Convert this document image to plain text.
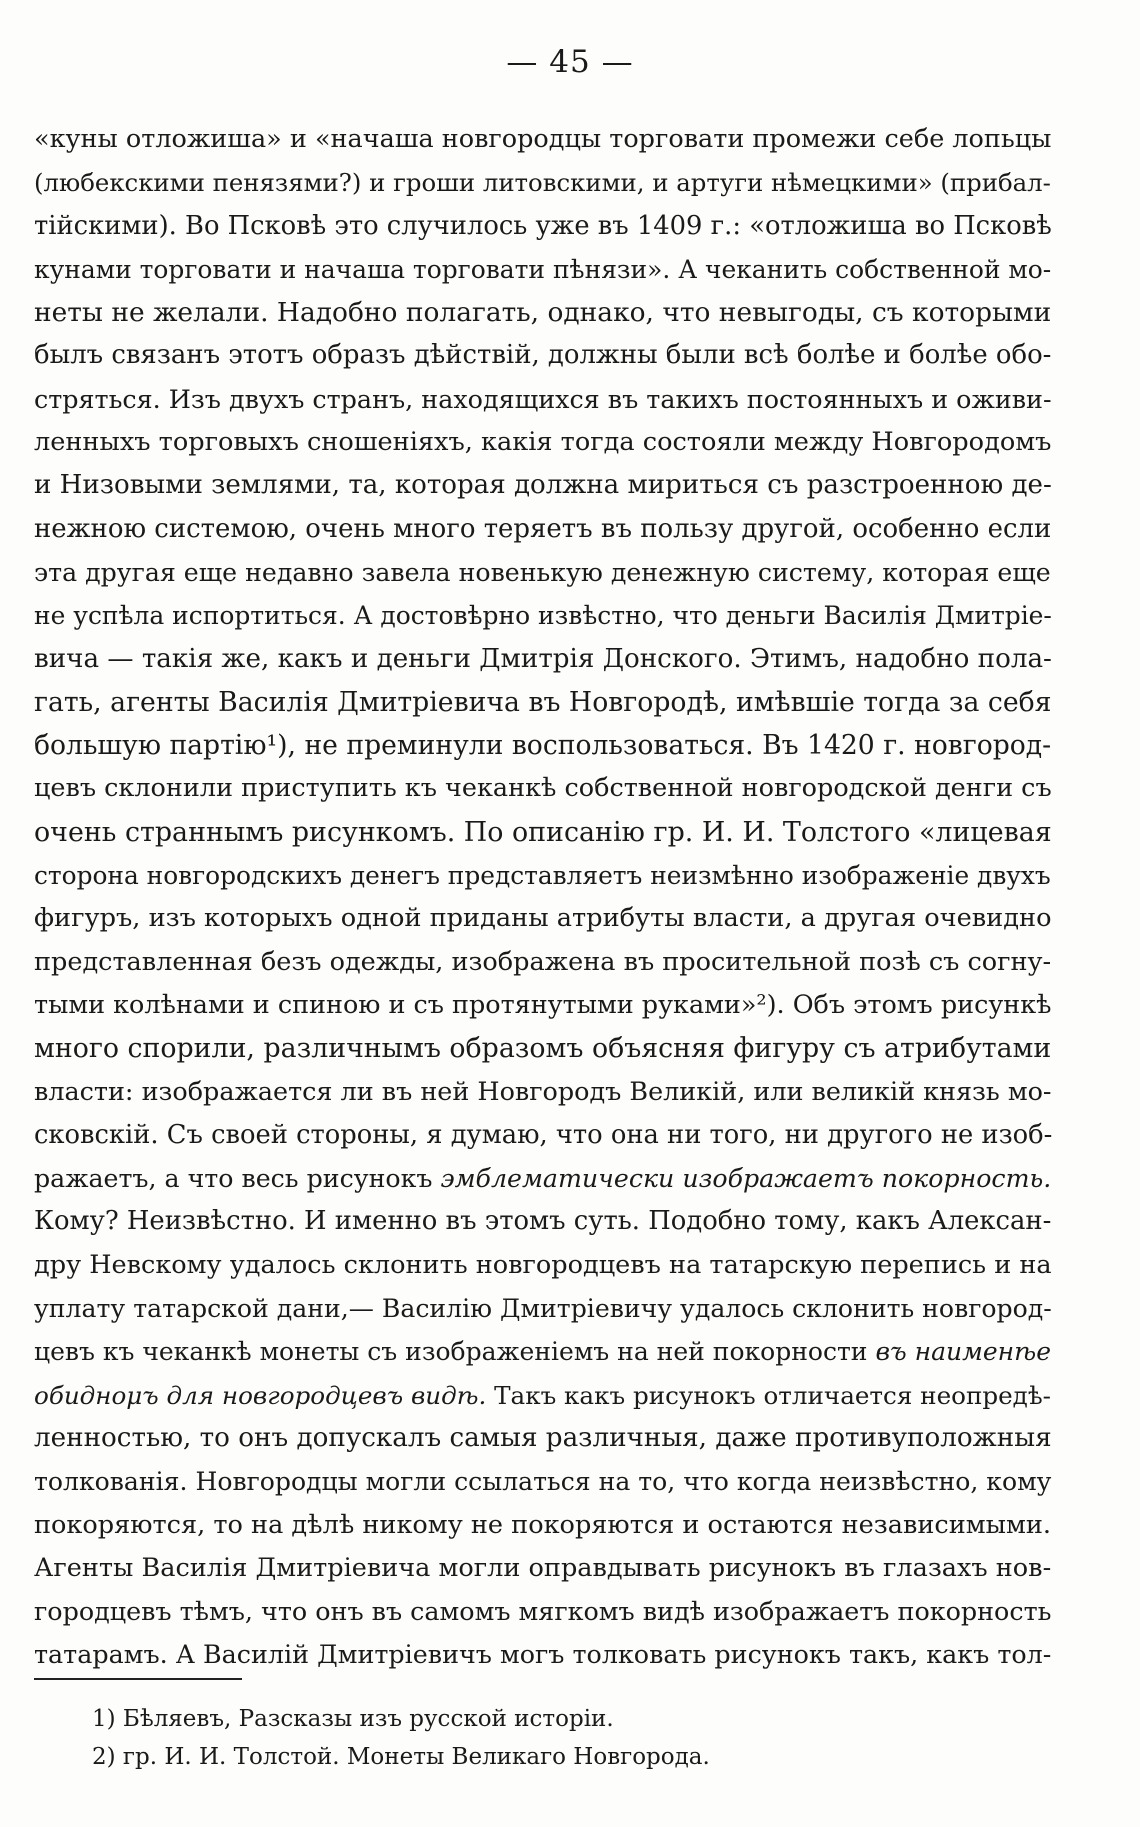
— 45 —
«куны отложиша» и «начаша новгородцы торговати промежи себе лопьцы
(любекскими пенязями?) и гроши литовскими, и артуги нѣмецкими» (прибал-
тійскими). Во Псковѣ это случилось уже въ 1409 г.: «отложиша во Псковѣ
кунами торговати и начаша торговати пѣнязи». А чеканить собственной мо-
неты не желали. Надобно полагать, однако, что невыгоды, съ которыми
былъ связанъ этотъ образъ дѣйствій, должны были всѣ болѣе и болѣе обо-
стряться. Изъ двухъ странъ, находящихся въ такихъ постоянныхъ и оживи-
ленныхъ торговыхъ сношеніяхъ, какія тогда состояли между Новгородомъ
и Низовыми землями, та, которая должна мириться съ разстроенною де-
нежною системою, очень много теряетъ въ пользу другой, особенно если
эта другая еще недавно завела новенькую денежную систему, которая еще
не успѣла испортиться. А достовѣрно извѣстно, что деньги Василія Дмитріе-
вича — такія же, какъ и деньги Дмитрія Донского. Этимъ, надобно пола-
гать, агенты Василія Дмитріевича въ Новгородѣ, имѣвшіе тогда за себя
большую партію¹), не преминули воспользоваться. Въ 1420 г. новгород-
цевъ склонили приступить къ чеканкѣ собственной новгородской денги съ
очень страннымъ рисункомъ. По описанію гр. И. И. Толстого «лицевая
сторона новгородскихъ денегъ представляетъ неизмѣнно изображеніе двухъ
фигуръ, изъ которыхъ одной приданы атрибуты власти, а другая очевидно
представленная безъ одежды, изображена въ просительной позѣ съ согну-
тыми колѣнами и спиною и съ протянутыми руками»²). Объ этомъ рисункѣ
много спорили, различнымъ образомъ объясняя фигуру съ атрибутами
власти: изображается ли въ ней Новгородъ Великій, или великій князь мо-
сковскій. Съ своей стороны, я думаю, что она ни того, ни другого не изоб-
ражаетъ, а что весь рисунокъ эмблематически изображаетъ покорность.
Кому? Неизвѣстно. И именно въ этомъ суть. Подобно тому, какъ Алексан-
дру Невскому удалось склонить новгородцевъ на татарскую перепись и на
уплату татарской дани,— Василію Дмитріевичу удалось склонить новгород-
цевъ къ чеканкѣ монеты съ изображеніемъ на ней покорности въ наименѣе
обиднομъ для новгородцевъ видѣ. Такъ какъ рисунокъ отличается неопредѣ-
ленностью, то онъ допускалъ самыя различныя, даже противуположныя
толкованія. Новгородцы могли ссылаться на то, что когда неизвѣстно, кому
покоряются, то на дѣлѣ никому не покоряются и остаются независимыми.
Агенты Василія Дмитріевича могли оправдывать рисунокъ въ глазахъ нов-
городцевъ тѣмъ, что онъ въ самомъ мягкомъ видѣ изображаетъ покорность
татарамъ. А Василій Дмитріевичъ могъ толковать рисунокъ такъ, какъ тол-
1) Бѣляевъ, Разсказы изъ русской исторіи.
2) гр. И. И. Толстой. Монеты Великаго Новгорода.
